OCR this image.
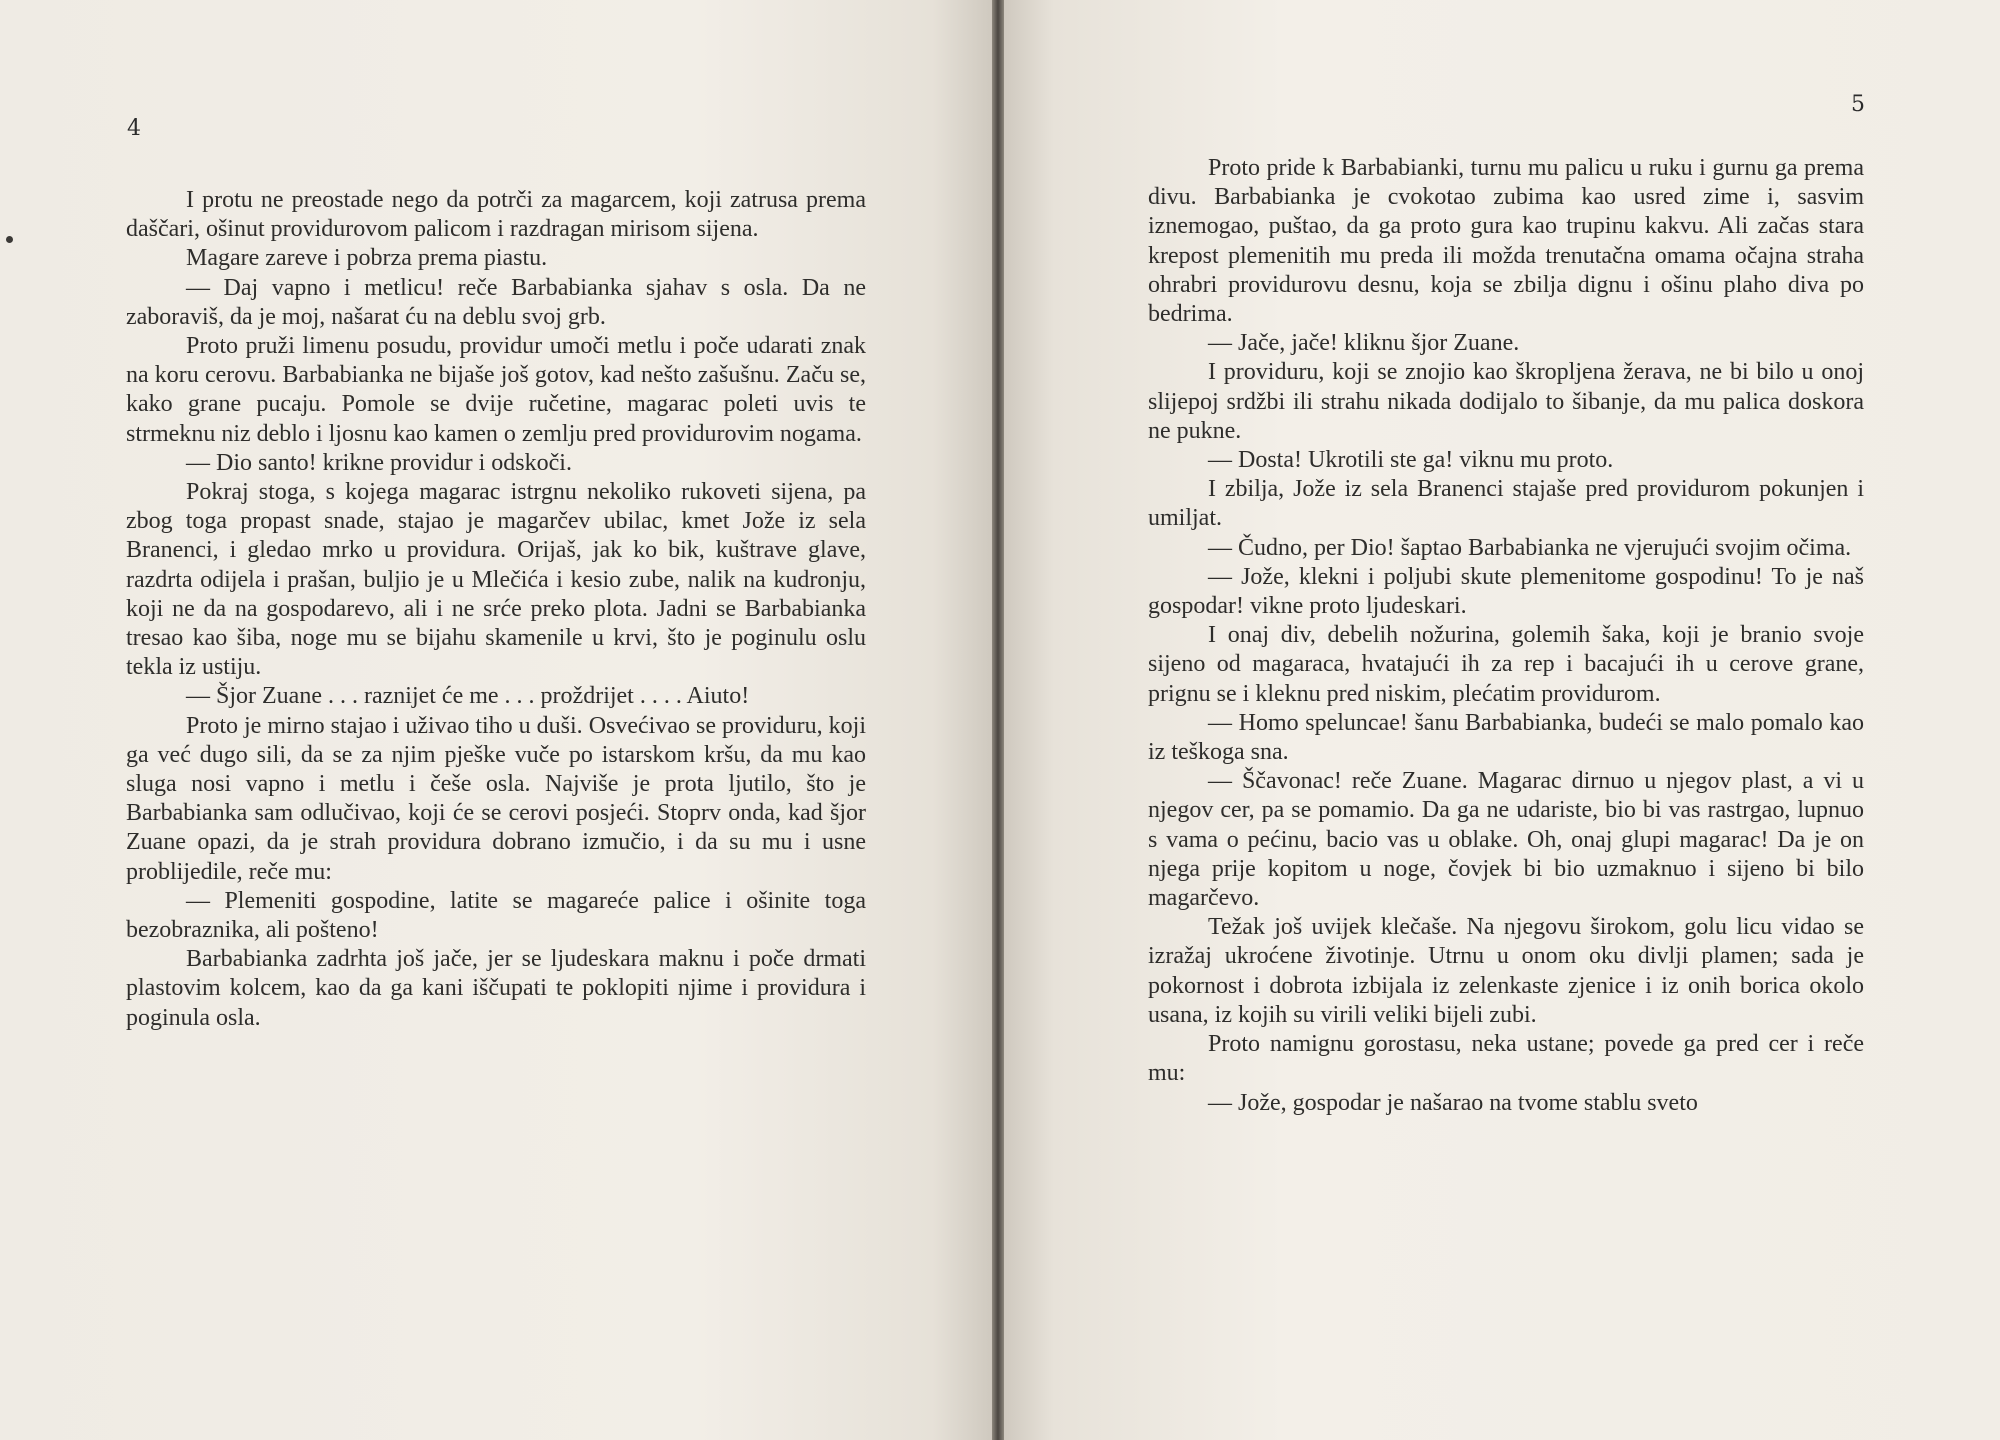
4

I protu ne preostade nego da potrči za magarcem, koji zatrusa prema daščari, ošinut providurovom palicom i razdragan mirisom sijena.

Magare zareve i pobrza prema piastu.

— Daj vapno i metlicu! reče Barbabianka sjahav s osla. Da ne zaboraviš, da je moj, našarat ću na deblu svoj grb.

Proto pruži limenu posudu, providur umoči metlu i poče udarati znak na koru cerovu. Barbabianka ne bijaše još gotov, kad nešto zašušnu. Začu se, kako grane pucaju. Pomole se dvije ručetine, magarac poleti uvis te strmeknu niz deblo i ljosnu kao kamen o zemlju pred providurovim nogama.

— Dio santo! krikne providur i odskoči.

Pokraj stoga, s kojega magarac istrgnu nekoliko rukoveti sijena, pa zbog toga propast snade, stajao je magarčev ubilac, kmet Jože iz sela Branenci, i gledao mrko u providura. Orijaš, jak ko bik, kuštrave glave, razdrta odijela i prašan, buljio je u Mlečića i kesio zube, nalik na kudronju, koji ne da na gospodarevo, ali i ne srće preko plota. Jadni se Barbabianka tresao kao šiba, noge mu se bijahu skamenile u krvi, što je poginulu oslu tekla iz ustiju.

— Šjor Zuane . . . raznijet će me . . . proždrijet . . . . Aiuto!

Proto je mirno stajao i uživao tiho u duši. Osvećivao se providuru, koji ga već dugo sili, da se za njim pješke vuče po istarskom kršu, da mu kao sluga nosi vapno i metlu i češe osla. Najviše je prota ljutilo, što je Barbabianka sam odlučivao, koji će se cerovi posjeći. Stoprv onda, kad šjor Zuane opazi, da je strah providura dobrano izmučio, i da su mu i usne problijedile, reče mu:

— Plemeniti gospodine, latite se magareće palice i ošinite toga bezobraznika, ali pošteno!

Barbabianka zadrhta još jače, jer se ljudeskara maknu i poče drmati plastovim kolcem, kao da ga kani iščupati te poklopiti njime i providura i poginula osla.

5

Proto pride k Barbabianki, turnu mu palicu u ruku i gurnu ga prema divu. Barbabianka je cvokotao zubima kao usred zime i, sasvim iznemogao, puštao, da ga proto gura kao trupinu kakvu. Ali začas stara krepost plemenitih mu preda ili možda trenutačna omama očajna straha ohrabri providurovu desnu, koja se zbilja dignu i ošinu plaho diva po bedrima.

— Jače, jače! kliknu šjor Zuane.

I providuru, koji se znojio kao škropljena žerava, ne bi bilo u onoj slijepoj srdžbi ili strahu nikada dodijalo to šibanje, da mu palica doskora ne pukne.

— Dosta! Ukrotili ste ga! viknu mu proto.

I zbilja, Jože iz sela Branenci stajaše pred providurom pokunjen i umiljat.

— Čudno, per Dio! šaptao Barbabianka ne vjerujući svojim očima.

— Jože, klekni i poljubi skute plemenitome gospodinu! To je naš gospodar! vikne proto ljudeskari.

I onaj div, debelih nožurina, golemih šaka, koji je branio svoje sijeno od magaraca, hvatajući ih za rep i bacajući ih u cerove grane, prignu se i kleknu pred niskim, plećatim providurom.

— Homo speluncae! šanu Barbabianka, budeći se malo pomalo kao iz teškoga sna.

— Ščavonac! reče Zuane. Magarac dirnuo u njegov plast, a vi u njegov cer, pa se pomamio. Da ga ne udariste, bio bi vas rastrgao, lupnuo s vama o pećinu, bacio vas u oblake. Oh, onaj glupi magarac! Da je on njega prije kopitom u noge, čovjek bi bio uzmaknuo i sijeno bi bilo magarčevo.

Težak još uvijek klečaše. Na njegovu širokom, golu licu vidao se izražaj ukroćene životinje. Utrnu u onom oku divlji plamen; sada je pokornost i dobrota izbijala iz zelenkaste zjenice i iz onih borica okolo usana, iz kojih su virili veliki bijeli zubi.

Proto namignu gorostasu, neka ustane; povede ga pred cer i reče mu:

— Jože, gospodar je našarao na tvome stablu sveto
